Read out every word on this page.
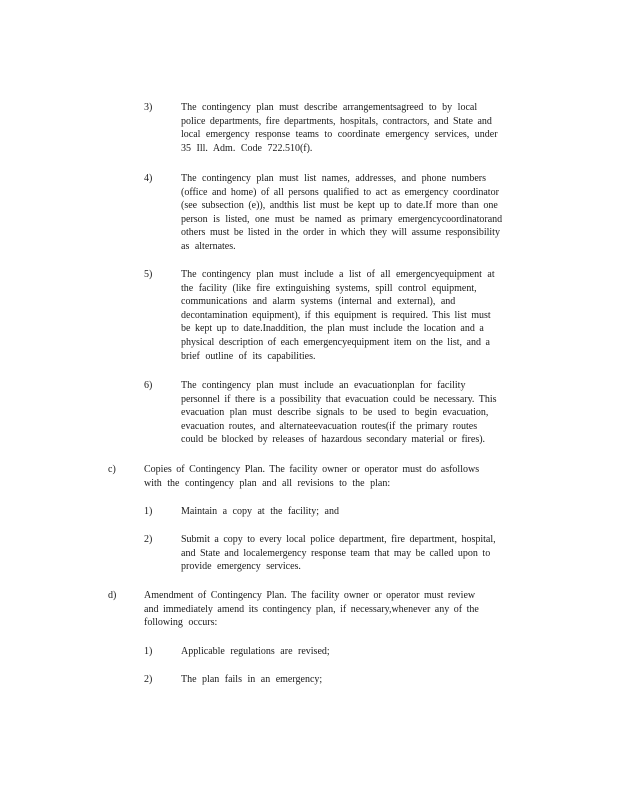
3)	The contingency plan must describe arrangementsagreed to by local
police departments, fire departments, hospitals, contractors, and State and
local emergency response teams to coordinate emergency services, under
35 Ill. Adm. Code 722.510(f).
4)	The contingency plan must list names, addresses, and phone numbers
(office and home) of all persons qualified to act as emergency coordinator
(see subsection (e)), andthis list must be kept up to date.If more than one
person is listed, one must be named as primary emergencycoordinatorand
others must be listed in the order in which they will assume responsibility
as alternates.
5)	The contingency plan must include a list of all emergencyequipment at
the facility (like fire extinguishing systems, spill control equipment,
communications and alarm systems (internal and external), and
decontamination equipment), if this equipment is required. This list must
be kept up to date.Inaddition, the plan must include the location and a
physical description of each emergencyequipment item on the list, and a
brief outline of its capabilities.
6)	The contingency plan must include an evacuationplan for facility
personnel if there is a possibility that evacuation could be necessary. This
evacuation plan must describe signals to be used to begin evacuation,
evacuation routes, and alternateevacuation routes(if the primary routes
could be blocked by releases of hazardous secondary material or fires).
c)	Copies of Contingency Plan. The facility owner or operator must do asfollows
with the contingency plan and all revisions to the plan:
1)	Maintain a copy at the facility; and
2)	Submit a copy to every local police department, fire department, hospital,
and State and localemergency response team that may be called upon to
provide emergency services.
d)	Amendment of Contingency Plan. The facility owner or operator must review
and immediately amend its contingency plan, if necessary,whenever any of the
following occurs:
1)	Applicable regulations are revised;
2)	The plan fails in an emergency;
